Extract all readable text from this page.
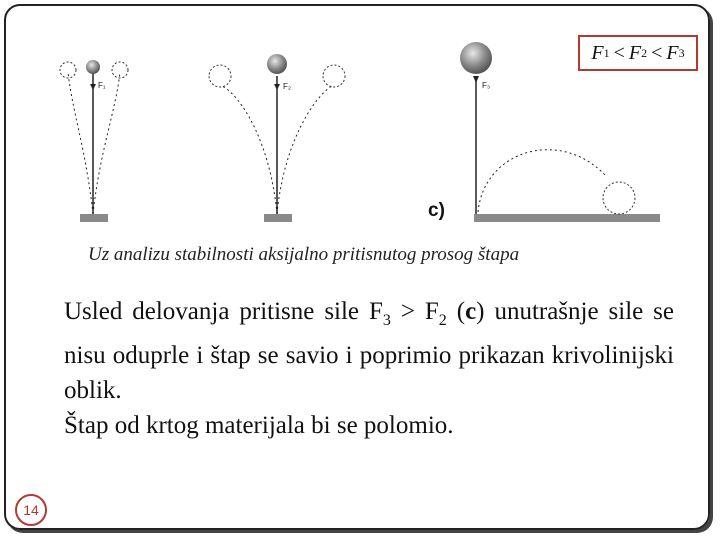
F₁	F₂	F₃
F 1 < F 2 < F 3
c)
Uz analizu stabilnosti aksijalno pritisnutog prosog štapa
Usled delovanja pritisne sile $F_3 > F_2$ (c) unutrašnje sile se nisu oduprle i štap se savio i poprimio prikazan krivolinijski oblik.
Štap od krtog materijala bi se polomio.
14
